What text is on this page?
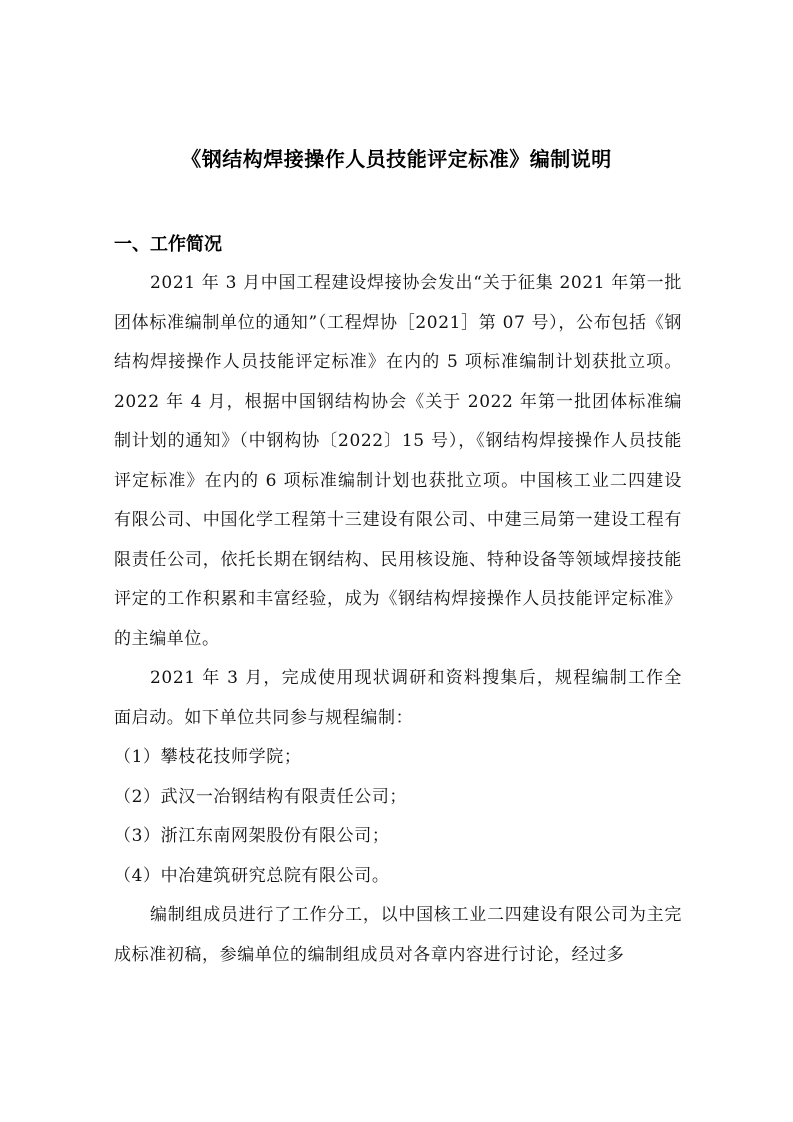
《钢结构焊接操作人员技能评定标准》编制说明
一、工作简况

2021 年 3 月中国工程建设焊接协会发出“关于征集 2021 年第一批团体标准编制单位的通知”（工程焊协［2021］第 07 号），公布包括《钢结构焊接操作人员技能评定标准》在内的 5 项标准编制计划获批立项。2022 年 4 月，根据中国钢结构协会《关于 2022 年第一批团体标准编制计划的通知》（中钢构协〔2022〕15 号），《钢结构焊接操作人员技能评定标准》在内的 6 项标准编制计划也获批立项。中国核工业二四建设有限公司、中国化学工程第十三建设有限公司、中建三局第一建设工程有限责任公司，依托长期在钢结构、民用核设施、特种设备等领域焊接技能评定的工作积累和丰富经验，成为《钢结构焊接操作人员技能评定标准》的主编单位。

2021 年 3 月，完成使用现状调研和资料搜集后，规程编制工作全面启动。如下单位共同参与规程编制：

（1）攀枝花技师学院；

（2）武汉一冶钢结构有限责任公司；

（3）浙江东南网架股份有限公司；

（4）中冶建筑研究总院有限公司。

编制组成员进行了工作分工，以中国核工业二四建设有限公司为主完成标准初稿，参编单位的编制组成员对各章内容进行讨论，经过多
